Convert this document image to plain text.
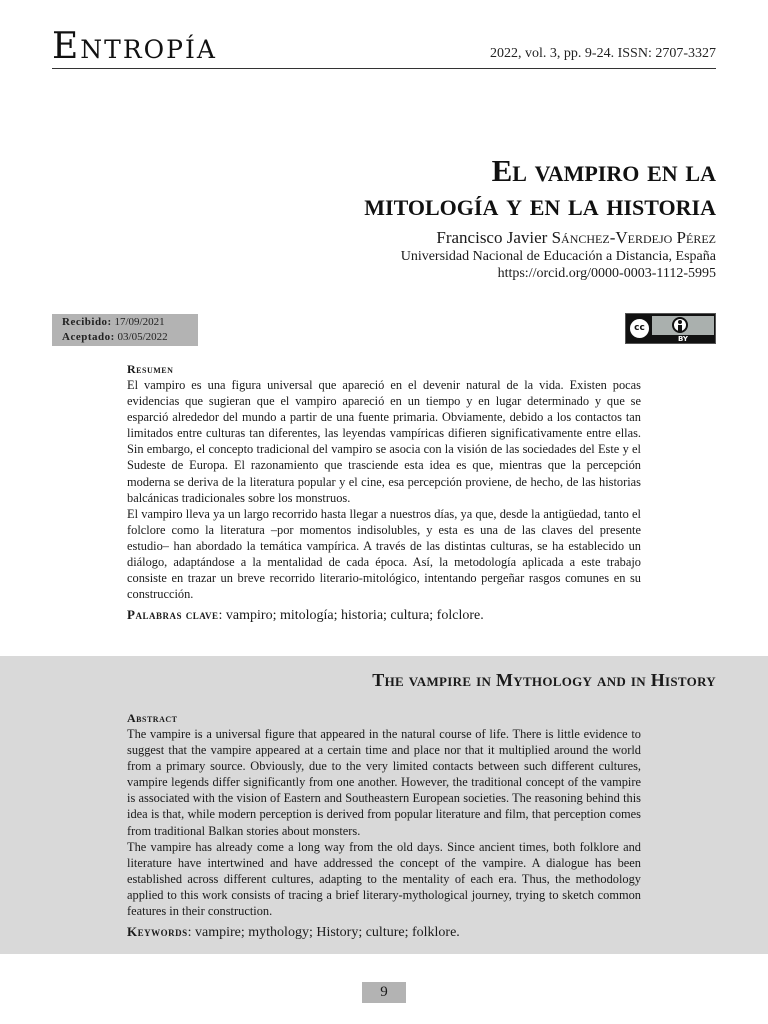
Entropía	2022, vol. 3, pp. 9-24. ISSN: 2707-3327
El vampiro en la
mitología y en la historia
Francisco Javier Sánchez-Verdejo Pérez
Universidad Nacional de Educación a Distancia, España
https://orcid.org/0000-0003-1112-5995
Recibido: 17/09/2021
Aceptado: 03/05/2022
cc
BY
Resumen

El vampiro es una figura universal que apareció en el devenir natural de la vida. Existen pocas evidencias que sugieran que el vampiro apareció en un tiempo y en lugar determinado y que se esparció alrededor del mundo a partir de una fuente primaria. Obviamente, debido a los contactos tan limitados entre culturas tan diferentes, las leyendas vampíricas difieren significativamente entre ellas. Sin embargo, el concepto tradicional del vampiro se asocia con la visión de las sociedades del Este y el Sudeste de Europa. El razonamiento que trasciende esta idea es que, mientras que la percepción moderna se deriva de la literatura popular y el cine, esa percepción proviene, de hecho, de las historias balcánicas tradicionales sobre los monstruos.

El vampiro lleva ya un largo recorrido hasta llegar a nuestros días, ya que, desde la antigüedad, tanto el folclore como la literatura –por momentos indisolubles, y esta es una de las claves del presente estudio– han abordado la temática vampírica. A través de las distintas culturas, se ha establecido un diálogo, adaptándose a la mentalidad de cada época. Así, la metodología aplicada a este trabajo consiste en trazar un breve recorrido literario-mitológico, intentando pergeñar rasgos comunes en su construcción.

Palabras clave: vampiro; mitología; historia; cultura; folclore.
The vampire in Mythology and in History
Abstract

The vampire is a universal figure that appeared in the natural course of life. There is little evidence to suggest that the vampire appeared at a certain time and place nor that it multiplied around the world from a primary source. Obviously, due to the very limited contacts between such different cultures, vampire legends differ significantly from one another. However, the traditional concept of the vampire is associated with the vision of Eastern and Southeastern European societies. The reasoning behind this idea is that, while modern perception is derived from popular literature and film, that perception comes from traditional Balkan stories about monsters.

The vampire has already come a long way from the old days. Since ancient times, both folklore and literature have intertwined and have addressed the concept of the vampire. A dialogue has been established across different cultures, adapting to the mentality of each era. Thus, the methodology applied to this work consists of tracing a brief literary-mythological journey, trying to sketch common features in their construction.

Keywords: vampire; mythology; History; culture; folklore.
9
